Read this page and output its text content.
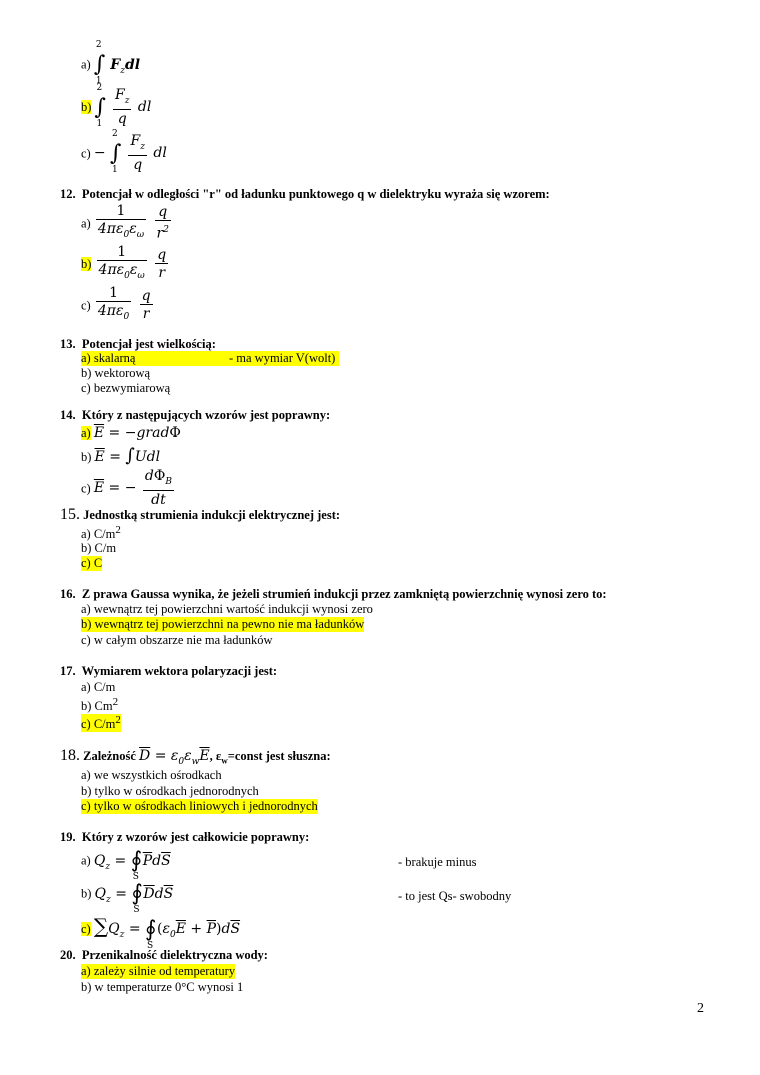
a) ∫
2
1
$F_zdl$
b) ∫
2
1
$\frac{F_z}{q}$ dl
c) − ∫
2
1
$\frac{F_z}{q}$ dl
12. Potencjał w odległości "r" od ładunku punktowego q w dielektryku wyraża się wzorem:
$a) \frac{1}{4\pi\varepsilon_0\varepsilon_\omega}$
$\frac{q}{r^2}$
$b) \frac{1}{4\pi\varepsilon_0\varepsilon_\omega}$
$\frac{q}{r}$
$c) \frac{1}{4\pi\varepsilon_0}$
$\frac{q}{r}$
13. Potencjał jest wielkością:
a) skalarną	- ma wymiar V(wolt)
b) wektorową
c) bezwymiarową
14. Który z następujących wzorów jest poprawny:
a) $\overline{E}$ = −gradΦ
b) $\overline{E} = \int Udl$
c) $\overline{E}$ = − $\frac{d\Phi_B}{dt}$
15. Jednostką strumienia indukcji elektrycznej jest:
a) C/m2
b) C/m
c) C
16. Z prawa Gaussa wynika, że jeżeli strumień indukcji przez zamkniętą powierzchnię wynosi zero to:
a) wewnątrz tej powierzchni wartość indukcji wynosi zero
b) wewnątrz tej powierzchni na pewno nie ma ładunków
c) w całym obszarze nie ma ładunków
17. Wymiarem wektora polaryzacji jest:
a) C/m
b) Cm2
c) C/m2
18. Zależność $\overline{D} = \varepsilon_0\varepsilon_w\overline{E}$, $\varepsilon_w=const$ jest słuszna:
a) we wszystkich ośrodkach
b) tylko w ośrodkach jednorodnych
c) tylko w ośrodkach liniowych i jednorodnych
19. Który z wzorów jest całkowicie poprawny:
a) $Q_z$ = ∮
S
$\overline{P}d\overline{S}$	- brakuje minus
b) $Q_z$ = ∮
S
$\overline{D}d\overline{S}$	- to jest Qs- swobodny
c) $\sum Q_z$ = ∮
S
$(\varepsilon_0\overline{E} + \overline{P})d\overline{S}$
20. Przenikalność dielektryczna wody:
a) zależy silnie od temperatury
b) w temperaturze 0°C wynosi 1
2
